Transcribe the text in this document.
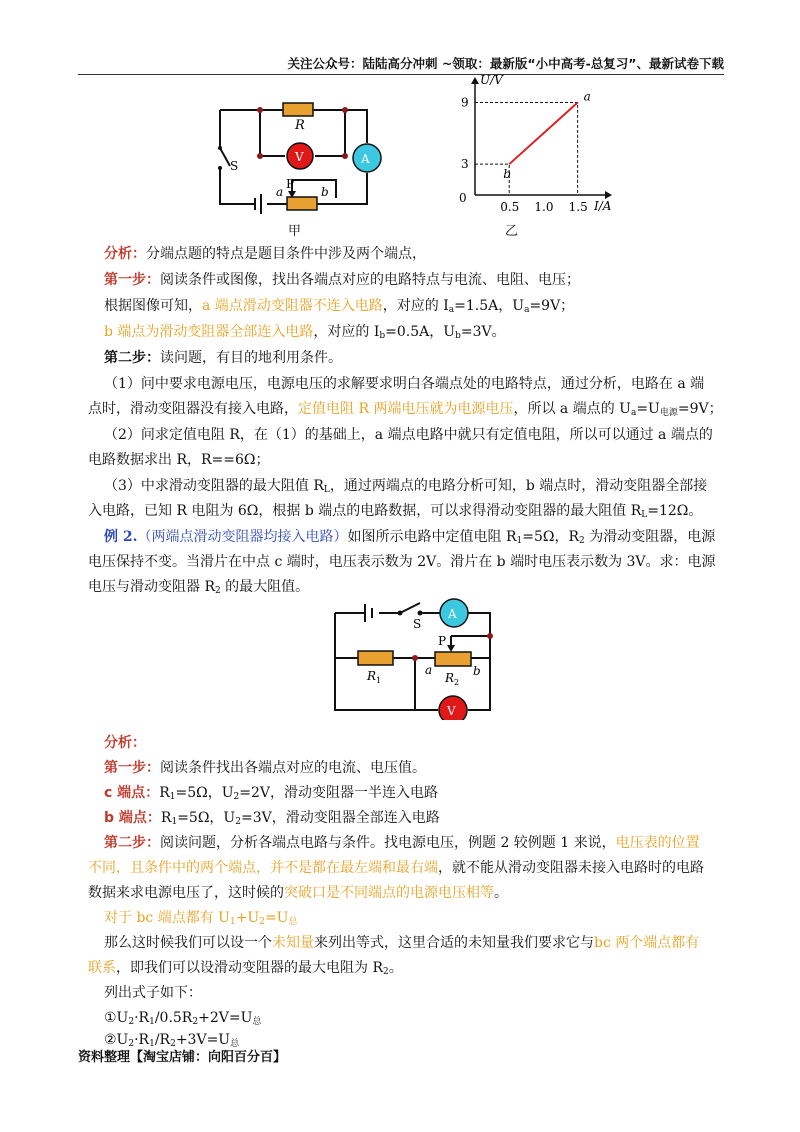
关注公众号：陆陆高分冲刺 ~领取：最新版“小中高考-总复习”、最新试卷下载
R
V	A
S
P
a	b
甲
0.5 1.0 1.5
3
9
b
a
U/V
I/A
0
乙
分析：分端点题的特点是题目条件中涉及两个端点，
第一步：阅读条件或图像，找出各端点对应的电路特点与电流、电阻、电压；
根据图像可知，a 端点滑动变阻器不连入电路，对应的 $I_a=1.5A$，$U_a=9V$；
b 端点为滑动变阻器全部连入电路，对应的 $I_b=0.5A$，$U_b=3V$。
第二步：读问题，有目的地利用条件。
（1）问中要求电源电压，电源电压的求解要求明白各端点处的电路特点，通过分析，电路在 a 端
点时，滑动变阻器没有接入电路，定值电阻 R 两端电压就为电源电压，所以 a 端点的 $U_a=U_{电源}=9V$；
（2）问求定值电阻 R，在（1）的基础上，a 端点电路中就只有定值电阻，所以可以通过 a 端点的
电路数据求出 R，R==6Ω；
（3）中求滑动变阻器的最大阻值 $R_L$，通过两端点的电路分析可知，b 端点时，滑动变阻器全部接
入电路，已知 R 电阻为 6Ω，根据 b 端点的电路数据，可以求得滑动变阻器的最大阻值 $R_L=12\Omega$。
例 2.（两端点滑动变阻器均接入电路）如图所示电路中定值电阻 $R_1=5\Omega$，$R_2$ 为滑动变阻器，电源
电压保持不变。当滑片在中点 c 端时，电压表示数为 2V。滑片在 b 端时电压表示数为 3V。求：电源
电压与滑动变阻器 $R_2$ 的最大阻值。
A
V
S
P
a	b
$R_1$	$R_2$
分析：
第一步：阅读条件找出各端点对应的电流、电压值。
c 端点：$R_1=5\Omega$，$U_2=2V$，滑动变阻器一半连入电路
b 端点：$R_1=5\Omega$，$U_2=3V$，滑动变阻器全部连入电路
第二步：阅读问题，分析各端点电路与条件。找电源电压，例题 2 较例题 1 来说，电压表的位置
不同，且条件中的两个端点，并不是都在最左端和最右端，就不能从滑动变阻器未接入电路时的电路
数据来求电源电压了，这时候的突破口是不同端点的电源电压相等。
对于 bc 端点都有 $U_1+U_2=U_总$
那么这时候我们可以设一个未知量来列出等式，这里合适的未知量我们要求它与bc 两个端点都有
联系，即我们可以设滑动变阻器的最大电阻为 $R_2$。
列出式子如下：
$①U_2\cdot R_1/0.5R_2+2V=U_总$
$②U_2\cdot R_1/R_2+3V=U_总$
资料整理【淘宝店铺：向阳百分百】
